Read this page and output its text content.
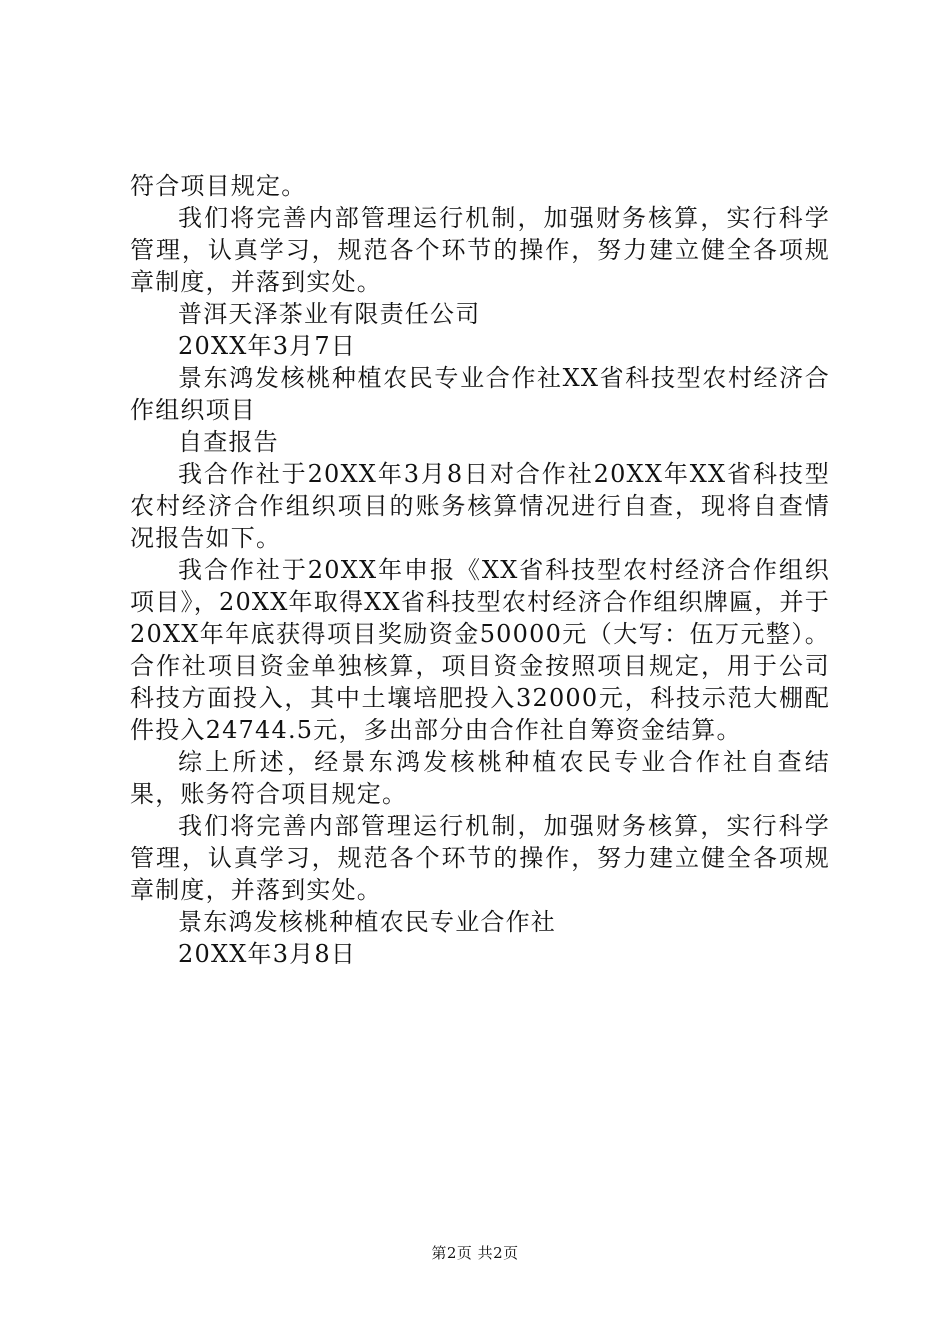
符合项目规定。

我们将完善内部管理运行机制，加强财务核算，实行科学管理，认真学习，规范各个环节的操作，努力建立健全各项规章制度，并落到实处。

普洱天泽茶业有限责任公司

20XX年3月7日

景东鸿发核桃种植农民专业合作社XX省科技型农村经济合作组织项目

自查报告

我合作社于20XX年3月8日对合作社20XX年XX省科技型农村经济合作组织项目的账务核算情况进行自查，现将自查情况报告如下。

我合作社于20XX年申报《XX省科技型农村经济合作组织项目》，20XX年取得XX省科技型农村经济合作组织牌匾，并于20XX年年底获得项目奖励资金50000元（大写：伍万元整）。合作社项目资金单独核算，项目资金按照项目规定，用于公司科技方面投入，其中土壤培肥投入32000元，科技示范大棚配件投入24744.5元，多出部分由合作社自筹资金结算。

综上所述，经景东鸿发核桃种植农民专业合作社自查结果，账务符合项目规定。

我们将完善内部管理运行机制，加强财务核算，实行科学管理，认真学习，规范各个环节的操作，努力建立健全各项规章制度，并落到实处。

景东鸿发核桃种植农民专业合作社

20XX年3月8日

第2页 共2页
